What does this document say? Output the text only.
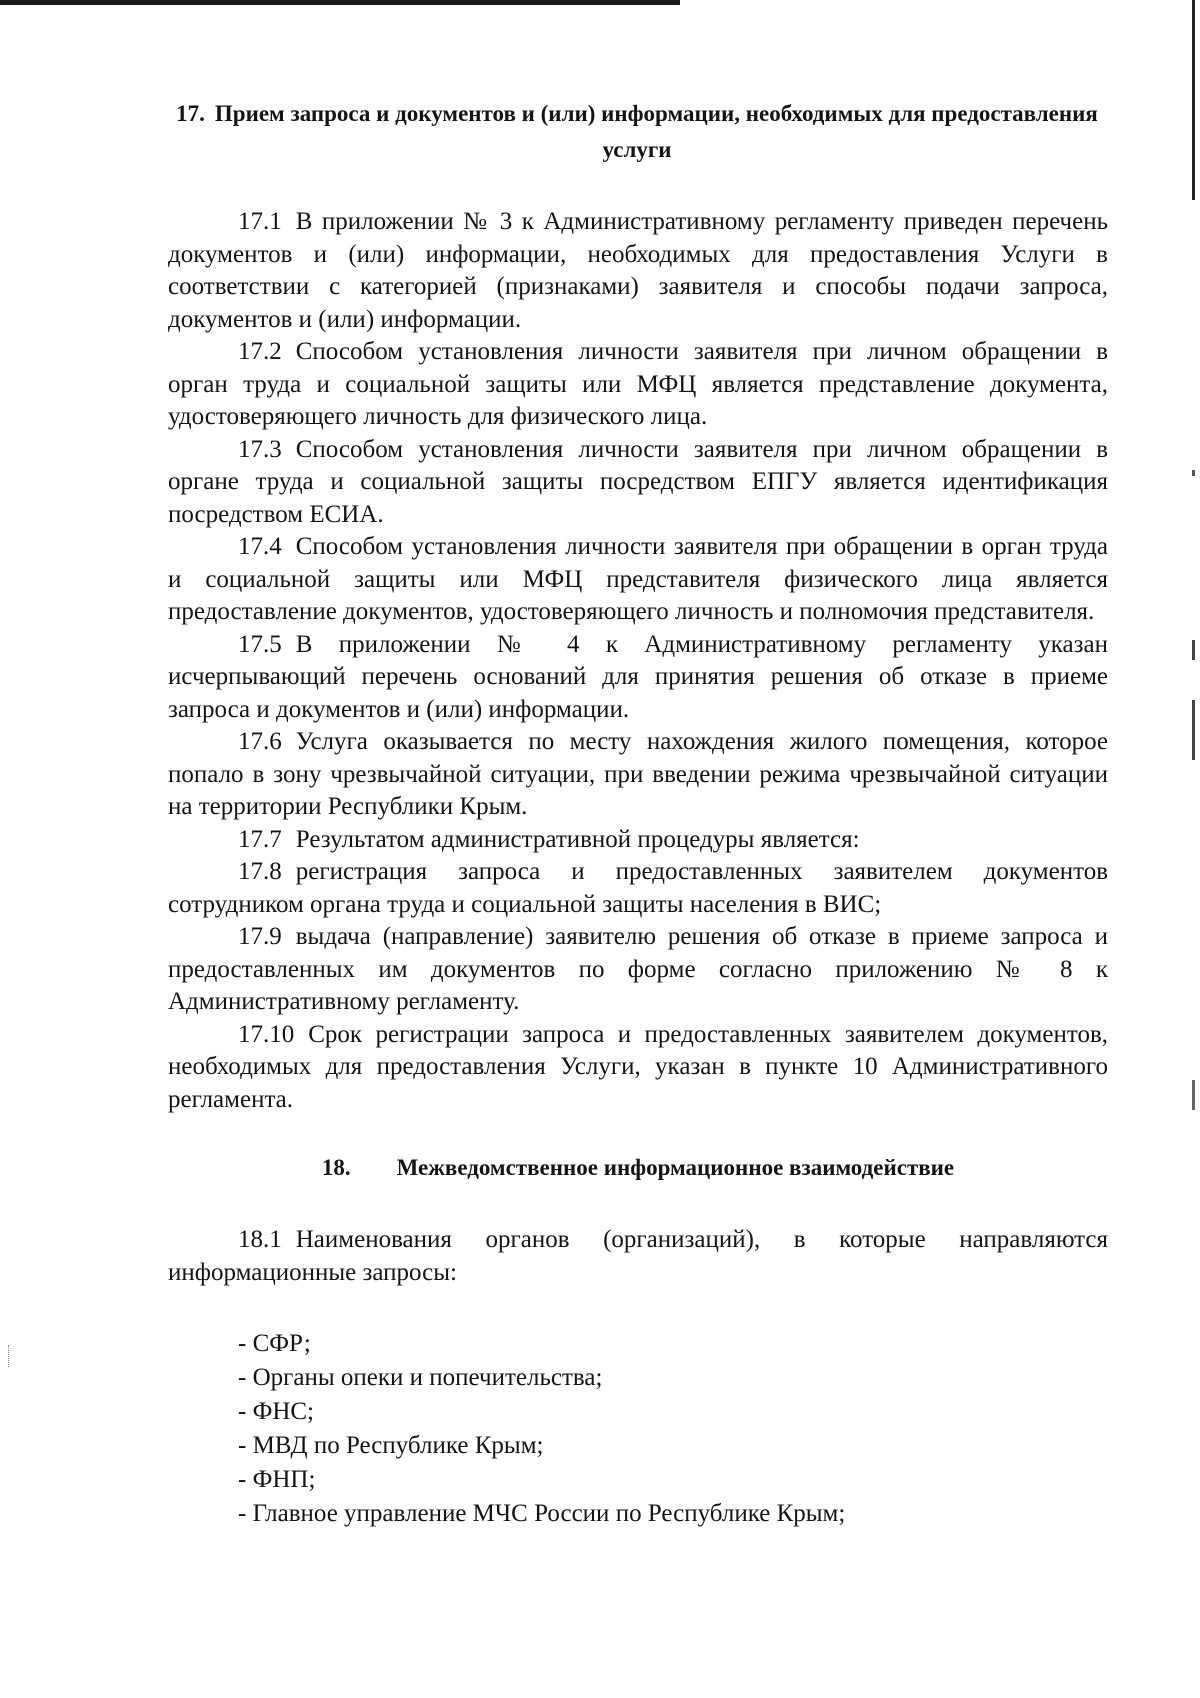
17. Прием запроса и документов и (или) информации, необходимых для предоставления услуги

17.1 В приложении № 3 к Административному регламенту приведен перечень документов и (или) информации, необходимых для предоставления Услуги в соответствии с категорией (признаками) заявителя и способы подачи запроса, документов и (или) информации.

17.2 Способом установления личности заявителя при личном обращении в орган труда и социальной защиты или МФЦ является представление документа, удостоверяющего личность для физического лица.

17.3 Способом установления личности заявителя при личном обращении в органе труда и социальной защиты посредством ЕПГУ является идентификация посредством ЕСИА.

17.4 Способом установления личности заявителя при обращении в орган труда и социальной защиты или МФЦ представителя физического лица является предоставление документов, удостоверяющего личность и полномочия представителя.

17.5 В приложении № 4 к Административному регламенту указан исчерпывающий перечень оснований для принятия решения об отказе в приеме запроса и документов и (или) информации.

17.6 Услуга оказывается по месту нахождения жилого помещения, которое попало в зону чрезвычайной ситуации, при введении режима чрезвычайной ситуации на территории Республики Крым.

17.7 Результатом административной процедуры является:

17.8 регистрация запроса и предоставленных заявителем документов сотрудником органа труда и социальной защиты населения в ВИС;

17.9 выдача (направление) заявителю решения об отказе в приеме запроса и предоставленных им документов по форме согласно приложению № 8 к Административному регламенту.

17.10 Срок регистрации запроса и предоставленных заявителем документов, необходимых для предоставления Услуги, указан в пункте 10 Административного регламента.

18. Межведомственное информационное взаимодействие

18.1 Наименования органов (организаций), в которые направляются информационные запросы:

- СФР;
- Органы опеки и попечительства;
- ФНС;
- МВД по Республике Крым;
- ФНП;
- Главное управление МЧС России по Республике Крым;
